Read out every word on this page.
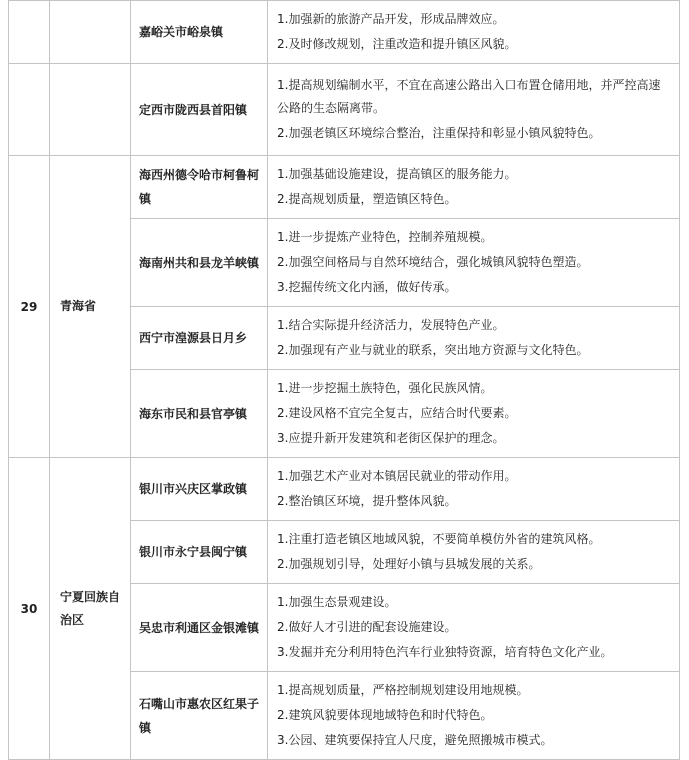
		嘉峪关市峪泉镇	1.加强新的旅游产品开发，形成品牌效应。
2.及时修改规划，注重改造和提升镇区风貌。

		定西市陇西县首阳镇	1.提高规划编制水平，不宜在高速公路出入口布置仓储用地，并严控高速公路的生态隔离带。
2.加强老镇区环境综合整治，注重保持和彰显小镇风貌特色。

29	青海省	海西州德令哈市柯鲁柯镇	1.加强基础设施建设，提高镇区的服务能力。
2.提高规划质量，塑造镇区特色。

		海南州共和县龙羊峡镇	1.进一步提炼产业特色，控制养殖规模。
2.加强空间格局与自然环境结合，强化城镇风貌特色塑造。
3.挖掘传统文化内涵，做好传承。

		西宁市湟源县日月乡	1.结合实际提升经济活力，发展特色产业。
2.加强现有产业与就业的联系，突出地方资源与文化特色。

		海东市民和县官亭镇	1.进一步挖掘土族特色，强化民族风情。
2.建设风格不宜完全复古，应结合时代要素。
3.应提升新开发建筑和老街区保护的理念。

30	宁夏回族自治区	银川市兴庆区掌政镇	1.加强艺术产业对本镇居民就业的带动作用。
2.整治镇区环境，提升整体风貌。

		银川市永宁县闽宁镇	1.注重打造老镇区地域风貌，不要简单模仿外省的建筑风格。
2.加强规划引导，处理好小镇与县城发展的关系。

		吴忠市利通区金银滩镇	1.加强生态景观建设。
2.做好人才引进的配套设施建设。
3.发掘并充分利用特色汽车行业独特资源，培育特色文化产业。

		石嘴山市惠农区红果子镇	1.提高规划质量，严格控制规划建设用地规模。
2.建筑风貌要体现地域特色和时代特色。
3.公园、建筑要保持宜人尺度，避免照搬城市模式。
